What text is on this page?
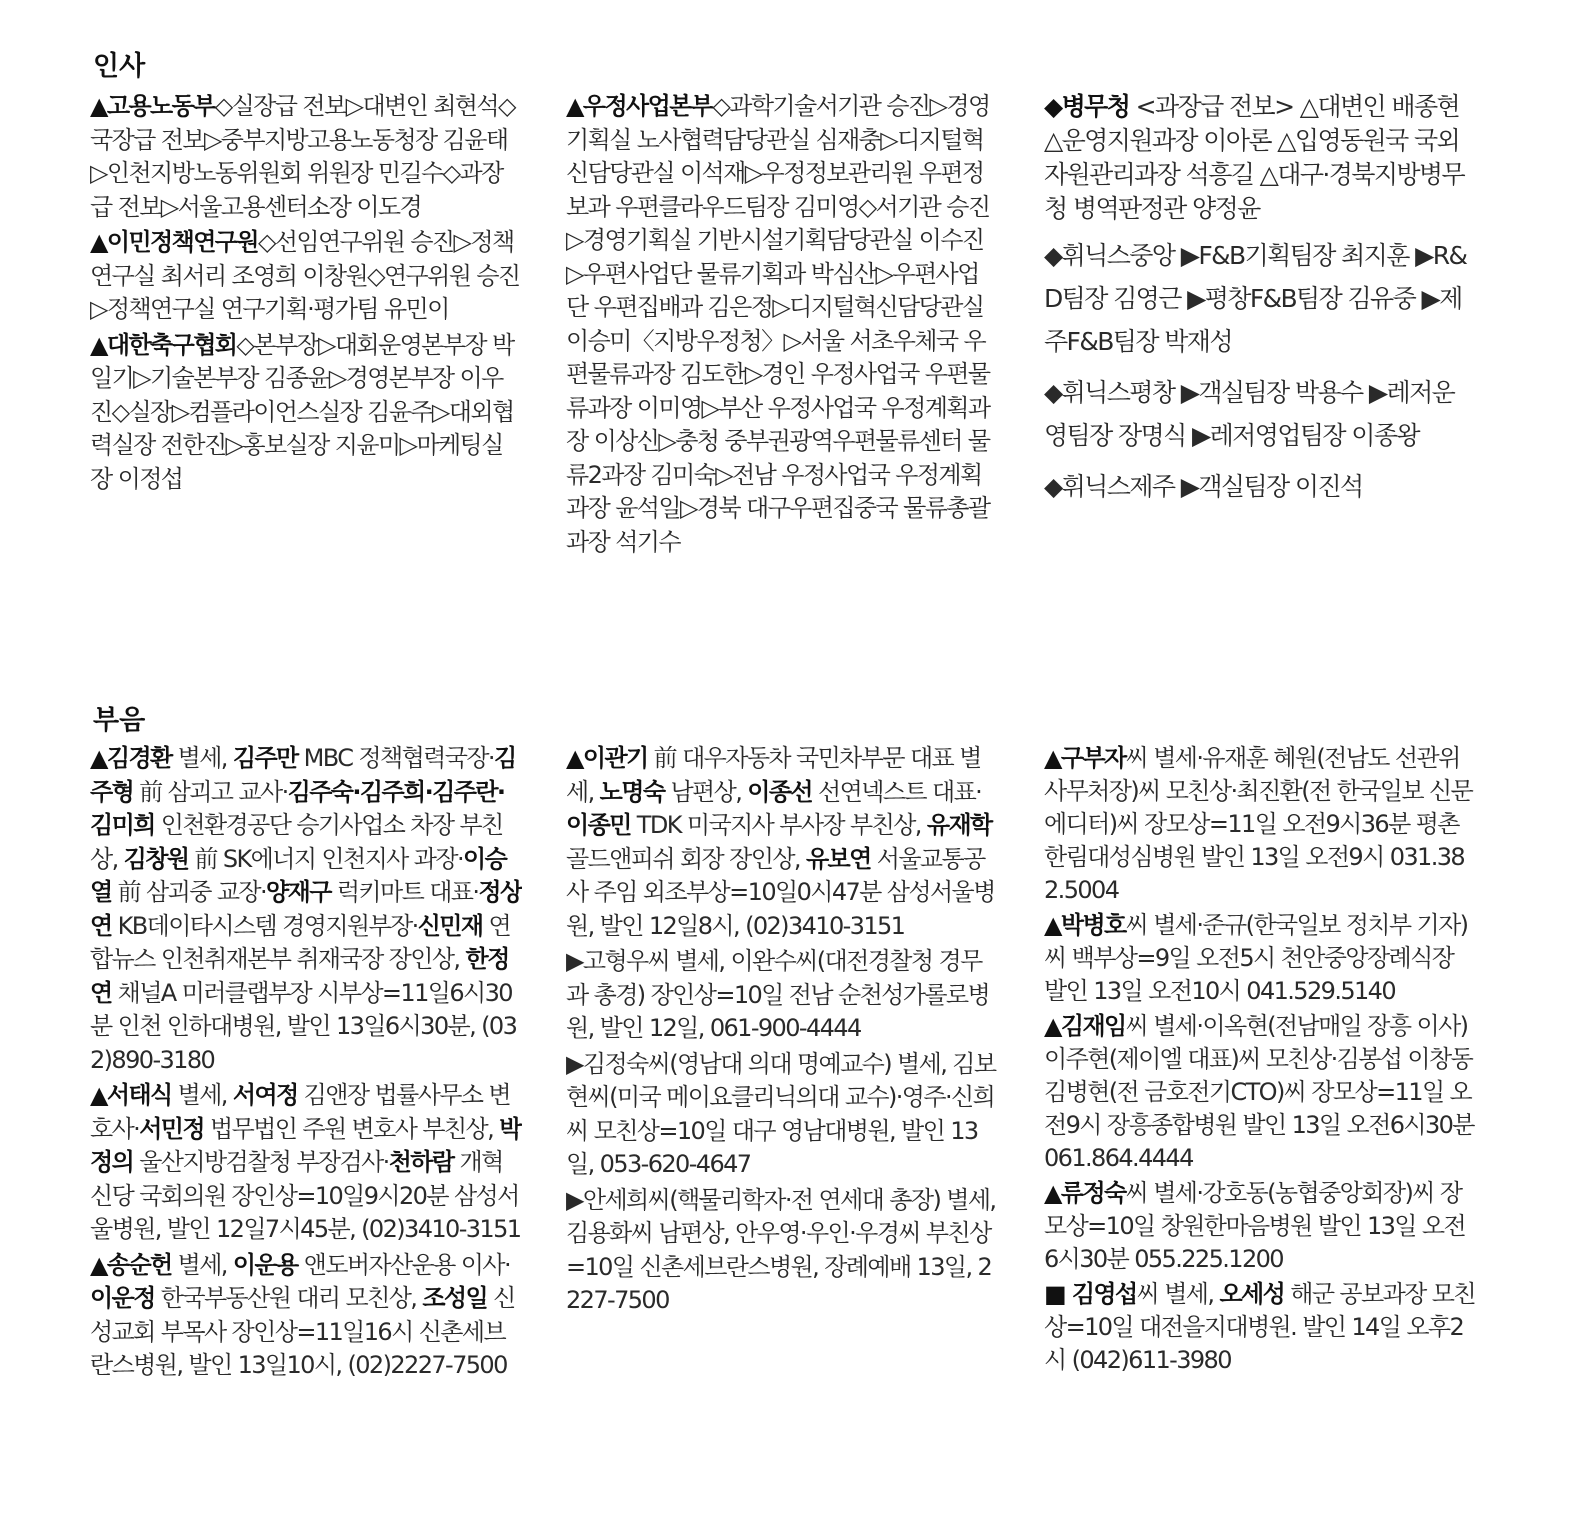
인사

▲고용노동부◇실장급 전보▷대변인 최현석◇국장급 전보▷중부지방고용노동청장 김윤태▷인천지방노동위원회 위원장 민길수◇과장급 전보▷서울고용센터소장 이도경

▲이민정책연구원◇선임연구위원 승진▷정책연구실 최서리 조영희 이창원◇연구위원 승진▷정책연구실 연구기획·평가팀 유민이

▲대한축구협회◇본부장▷대회운영본부장 박일기▷기술본부장 김종윤▷경영본부장 이우진◇실장▷컴플라이언스실장 김윤주▷대외협력실장 전한진▷홍보실장 지윤미▷마케팅실장 이정섭

▲우정사업본부◇과학기술서기관 승진▷경영기획실 노사협력담당관실 심재충▷디지털혁신담당관실 이석재▷우정정보관리원 우편정보과 우편클라우드팀장 김미영◇서기관 승진▷경영기획실 기반시설기획담당관실 이수진▷우편사업단 물류기획과 박심산▷우편사업단 우편집배과 김은정▷디지털혁신담당관실 이승미〈지방우정청〉▷서울 서초우체국 우편물류과장 김도한▷경인 우정사업국 우편물류과장 이미영▷부산 우정사업국 우정계획과장 이상신▷충청 중부권광역우편물류센터 물류2과장 김미숙▷전남 우정사업국 우정계획과장 윤석일▷경북 대구우편집중국 물류총괄과장 석기수

◆병무청 <과장급 전보> △대변인 배종현 △운영지원과장 이아론 △입영동원국 국외자원관리과장 석흥길 △대구·경북지방병무청 병역판정관 양정윤

◆휘닉스중앙 ▶F&B기획팀장 최지훈 ▶R&D팀장 김영근 ▶평창F&B팀장 김유중 ▶제주F&B팀장 박재성

◆휘닉스평창 ▶객실팀장 박용수 ▶레저운영팀장 장명식 ▶레저영업팀장 이종왕

◆휘닉스제주 ▶객실팀장 이진석

부음

▲김경환 별세, 김주만 MBC 정책협력국장·김주형 前 삼괴고 교사·김주숙·김주희·김주란·김미희 인천환경공단 승기사업소 차장 부친상, 김창원 前 SK에너지 인천지사 과장·이승열 前 삼괴중 교장·양재구 럭키마트 대표·정상연 KB데이타시스템 경영지원부장·신민재 연합뉴스 인천취재본부 취재국장 장인상, 한정연 채널A 미러클랩부장 시부상=11일6시30분 인천 인하대병원, 발인 13일6시30분, (032)890-3180

▲서태식 별세, 서여정 김앤장 법률사무소 변호사·서민정 법무법인 주원 변호사 부친상, 박정의 울산지방검찰청 부장검사·천하람 개혁신당 국회의원 장인상=10일9시20분 삼성서울병원, 발인 12일7시45분, (02)3410-3151

▲송순헌 별세, 이운용 앤도버자산운용 이사·이운정 한국부동산원 대리 모친상, 조성일 신성교회 부목사 장인상=11일16시 신촌세브란스병원, 발인 13일10시, (02)2227-7500

▲이관기 前 대우자동차 국민차부문 대표 별세, 노명숙 남편상, 이종선 선연넥스트 대표·이종민 TDK 미국지사 부사장 부친상, 유재학 골드앤피쉬 회장 장인상, 유보연 서울교통공사 주임 외조부상=10일0시47분 삼성서울병원, 발인 12일8시, (02)3410-3151

▶고형우씨 별세, 이완수씨(대전경찰청 경무과 총경) 장인상=10일 전남 순천성가롤로병원, 발인 12일, 061-900-4444

▶김정숙씨(영남대 의대 명예교수) 별세, 김보현씨(미국 메이요클리닉의대 교수)·영주·신희씨 모친상=10일 대구 영남대병원, 발인 13일, 053-620-4647

▶안세희씨(핵물리학자·전 연세대 총장) 별세, 김용화씨 남편상, 안우영·우인·우경씨 부친상=10일 신촌세브란스병원, 장례예배 13일, 2227-7500

▲구부자씨 별세·유재훈 혜원(전남도 선관위 사무처장)씨 모친상·최진환(전 한국일보 신문에디터)씨 장모상=11일 오전9시36분 평촌한림대성심병원 발인 13일 오전9시 031.382.5004

▲박병호씨 별세·준규(한국일보 정치부 기자)씨 백부상=9일 오전5시 천안중앙장례식장 발인 13일 오전10시 041.529.5140

▲김재임씨 별세·이옥현(전남매일 장흥 이사) 이주현(제이엘 대표)씨 모친상·김봉섭 이창동 김병현(전 금호전기CTO)씨 장모상=11일 오전9시 장흥종합병원 발인 13일 오전6시30분 061.864.4444

▲류정숙씨 별세·강호동(농협중앙회장)씨 장모상=10일 창원한마음병원 발인 13일 오전6시30분 055.225.1200

■ 김영섭씨 별세, 오세성 해군 공보과장 모친상=10일 대전을지대병원. 발인 14일 오후2시 (042)611-3980
